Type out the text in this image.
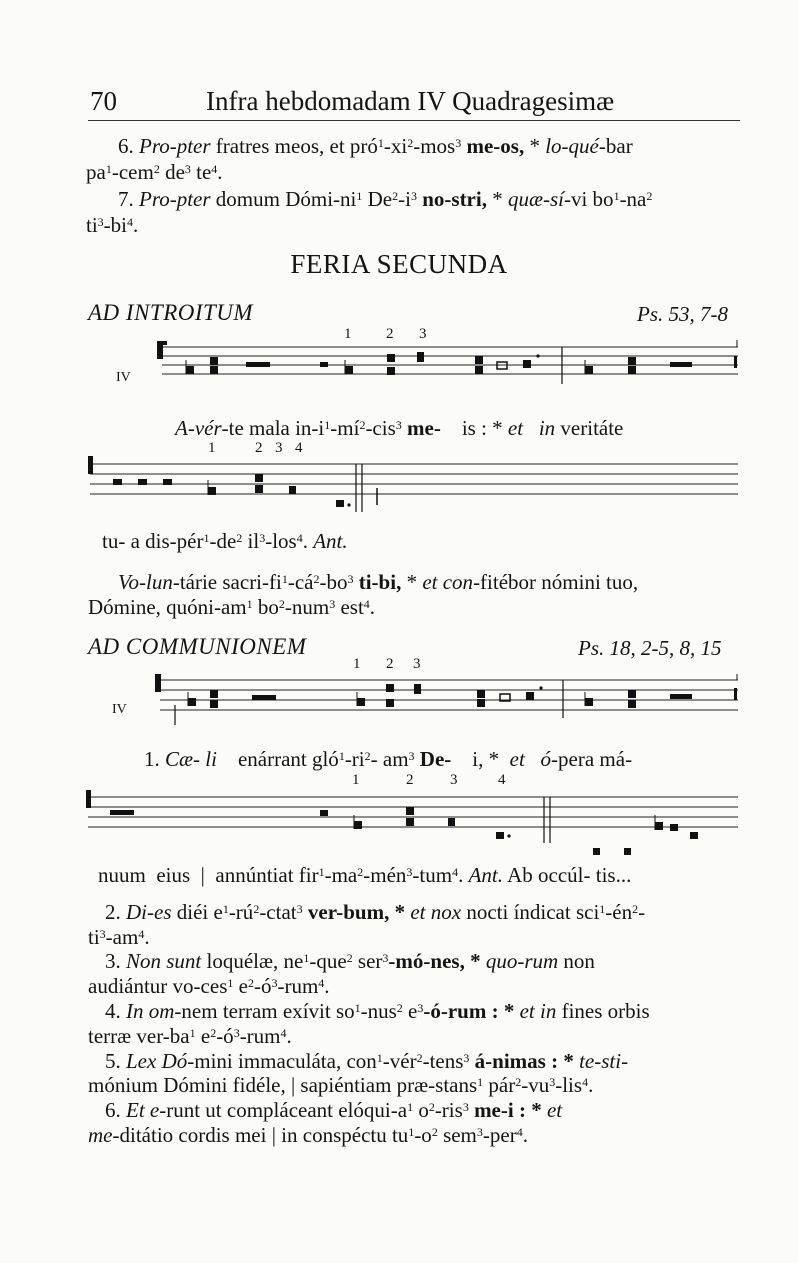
70	Infra hebdomadam IV Quadragesimæ
6. Pro-pter fratres meos, et $pró^1-xi^2-mos^3$ me-os, * lo-qué-bar
$pa^1-cem^2$ $de^3$ $te^4$.
7. Pro-pter domum Dómi-$ni^1$ $De^2-i^3$ no-stri, * quæ-sí-vi $bo^1-na^2$
$ti^3-bi^4$.
FERIA SECUNDA
AD INTROITUM	Ps. 53, 7-8
1 2 3
IV
A-vér-te mala $in-i^1-mí^2-cis^3$ me- is : * et in veritáte
1	2 3 4
tu- a dis-$pér^1-de^2$ $il^3-los^4$. Ant.
Vo-lun-tárie sacri-$fi^1-cá^2-bo^3$ ti-bi, * et con-fitébor nómini tuo,
Dómine, quóni-$am^1$ $bo^2-num^3$ est$^4$.
AD COMMUNIONEM	Ps. 18, 2-5, 8, 15
1 2 3
IV
1. Cæ- li enárrant $gló^1-ri^2-$ $am^3$ De- i, * et ó-pera má-
1	2 3	4
nuum eius | annúntiat $fir^1-ma^2-mén^3-tum^4$. Ant. Ab occúl- tis...
2. Di-es diéi $e^1-rú^2-ctat^3$ ver-bum, * et nox nocti índicat $sci^1-én^2-$
$ti^3-am^4$.
3. Non sunt loquélæ, $ne^1-que^2$ ser$^3$-mó-nes, * quo-rum non
audiántur vo-ces$^1$ $e^2-ó^3-rum^4$.
4. In om-nem terram exívit $so^1-nus^2$ $e^3-ó$-rum : * et in fines orbis
terræ ver-$ba^1$ $e^2-ó^3-rum^4$.
5. Lex Dó-mini immaculáta, con$^1$-vér$^2$-tens$^3$ á-nimas : * te-sti-
mónium Dómini fidéle, | sapiéntiam præ-stans$^1$ $pár^2-vu^3-lis^4$.
6. Et e-runt ut compláceant elóqui-$a^1$ $o^2-ris^3$ me-i : * et
me-ditátio cordis mei | in conspéctu $tu^1-o^2$ sem$^3$-per$^4$.
